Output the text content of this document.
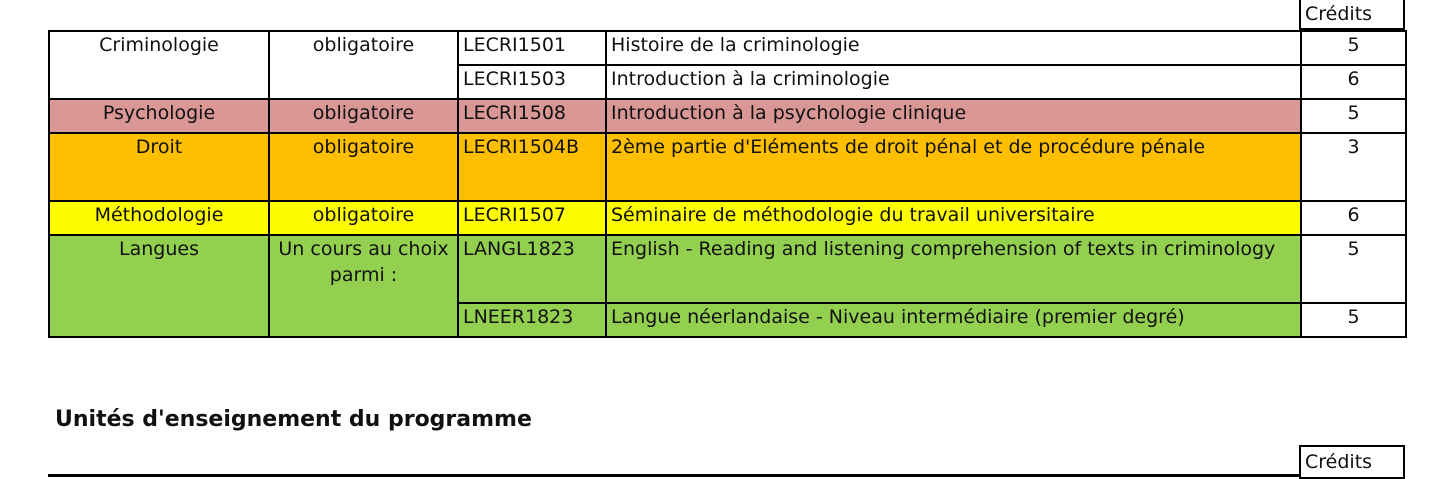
Crédits
Criminologie	obligatoire	LECRI1501	Histoire de la criminologie	5
		LECRI1503	Introduction à la criminologie	6
Psychologie	obligatoire	LECRI1508	Introduction à la psychologie clinique	5
Droit	obligatoire	LECRI1504B	2ème partie d'Eléments de droit pénal et de procédure pénale	3
Méthodologie	obligatoire	LECRI1507	Séminaire de méthodologie du travail universitaire	6
Langues	Un cours au choix parmi :	LANGL1823	English - Reading and listening comprehension of texts in criminology	5
		LNEER1823	Langue néerlandaise - Niveau intermédiaire (premier degré)	5
Unités d'enseignement du programme
Crédits
